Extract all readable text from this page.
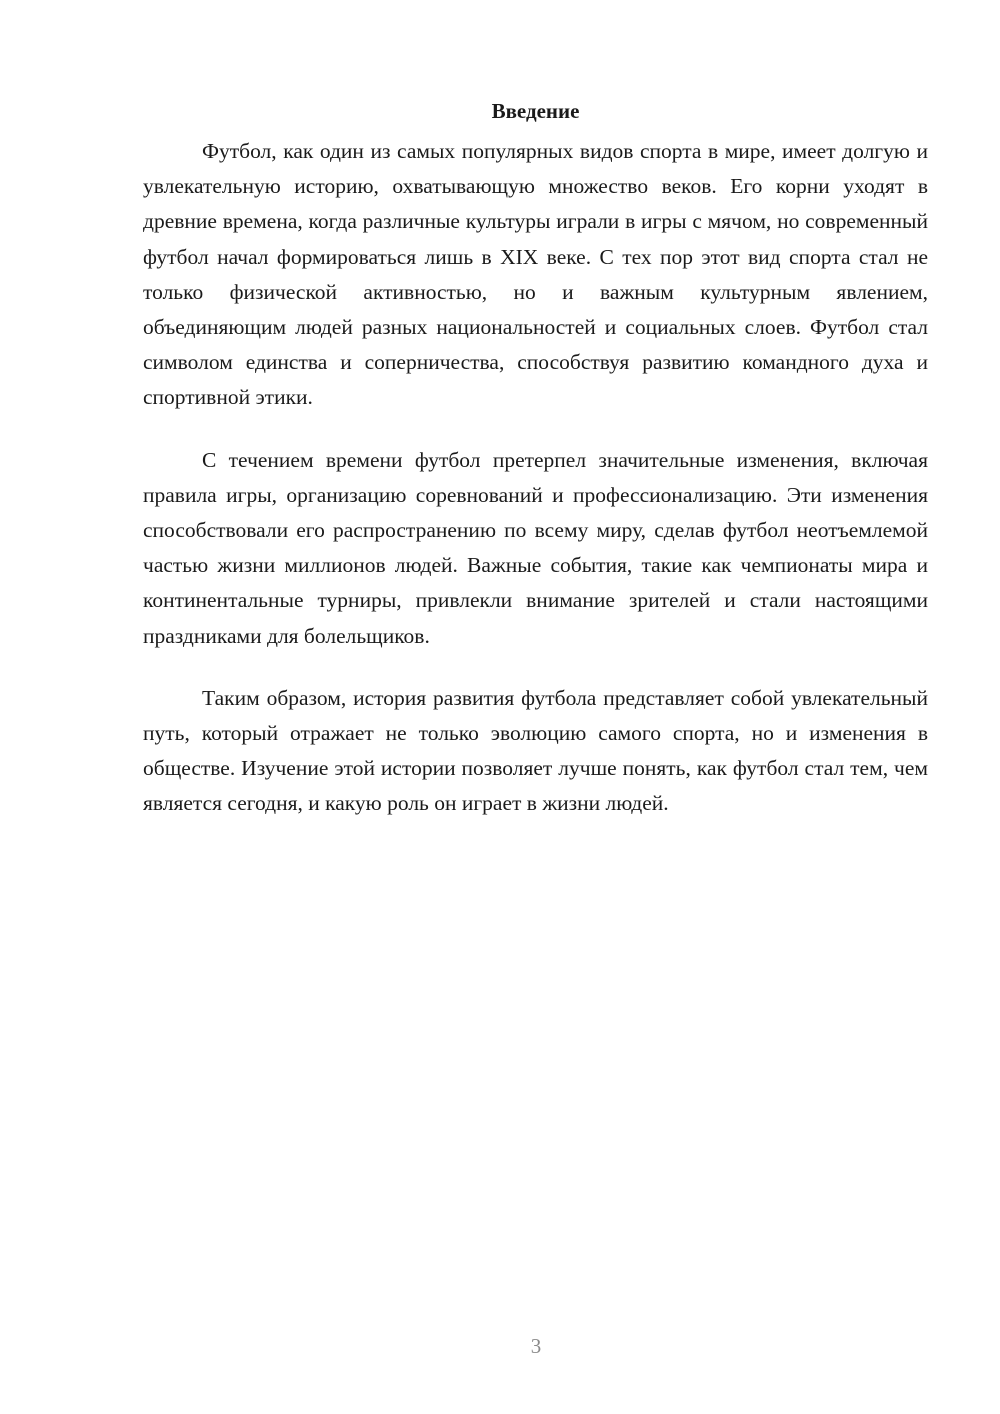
Введение

Футбол, как один из самых популярных видов спорта в мире, имеет долгую и увлекательную историю, охватывающую множество веков. Его корни уходят в древние времена, когда различные культуры играли в игры с мячом, но современный футбол начал формироваться лишь в XIX веке. С тех пор этот вид спорта стал не только физической активностью, но и важным культурным явлением, объединяющим людей разных национальностей и социальных слоев. Футбол стал символом единства и соперничества, способствуя развитию командного духа и спортивной этики.

С течением времени футбол претерпел значительные изменения, включая правила игры, организацию соревнований и профессионализацию. Эти изменения способствовали его распространению по всему миру, сделав футбол неотъемлемой частью жизни миллионов людей. Важные события, такие как чемпионаты мира и континентальные турниры, привлекли внимание зрителей и стали настоящими праздниками для болельщиков.

Таким образом, история развития футбола представляет собой увлекательный путь, который отражает не только эволюцию самого спорта, но и изменения в обществе. Изучение этой истории позволяет лучше понять, как футбол стал тем, чем является сегодня, и какую роль он играет в жизни людей.

3
